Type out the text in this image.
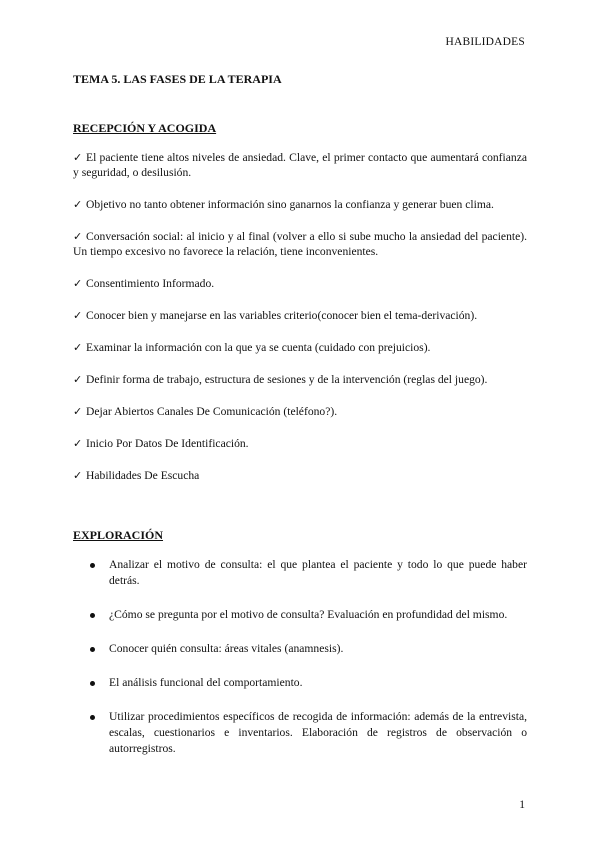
HABILIDADES
TEMA 5. LAS FASES DE LA TERAPIA
RECEPCIÓN Y ACOGIDA
✓ El paciente tiene altos niveles de ansiedad. Clave, el primer contacto que aumentará confianza y seguridad, o desilusión.
✓ Objetivo no tanto obtener información sino ganarnos la confianza y generar buen clima.
✓ Conversación social: al inicio y al final (volver a ello si sube mucho la ansiedad del paciente). Un tiempo excesivo no favorece la relación, tiene inconvenientes.
✓ Consentimiento Informado.
✓ Conocer bien y manejarse en las variables criterio(conocer bien el tema-derivación).
✓ Examinar la información con la que ya se cuenta (cuidado con prejuicios).
✓ Definir forma de trabajo, estructura de sesiones y de la intervención (reglas del juego).
✓ Dejar Abiertos Canales De Comunicación (teléfono?).
✓ Inicio Por Datos De Identificación.
✓ Habilidades De Escucha
EXPLORACIÓN
Analizar el motivo de consulta: el que plantea el paciente y todo lo que puede haber detrás.
¿Cómo se pregunta por el motivo de consulta? Evaluación en profundidad del mismo.
Conocer quién consulta: áreas vitales (anamnesis).
El análisis funcional del comportamiento.
Utilizar procedimientos específicos de recogida de información: además de la entrevista, escalas, cuestionarios e inventarios. Elaboración de registros de observación o autorregistros.
1
